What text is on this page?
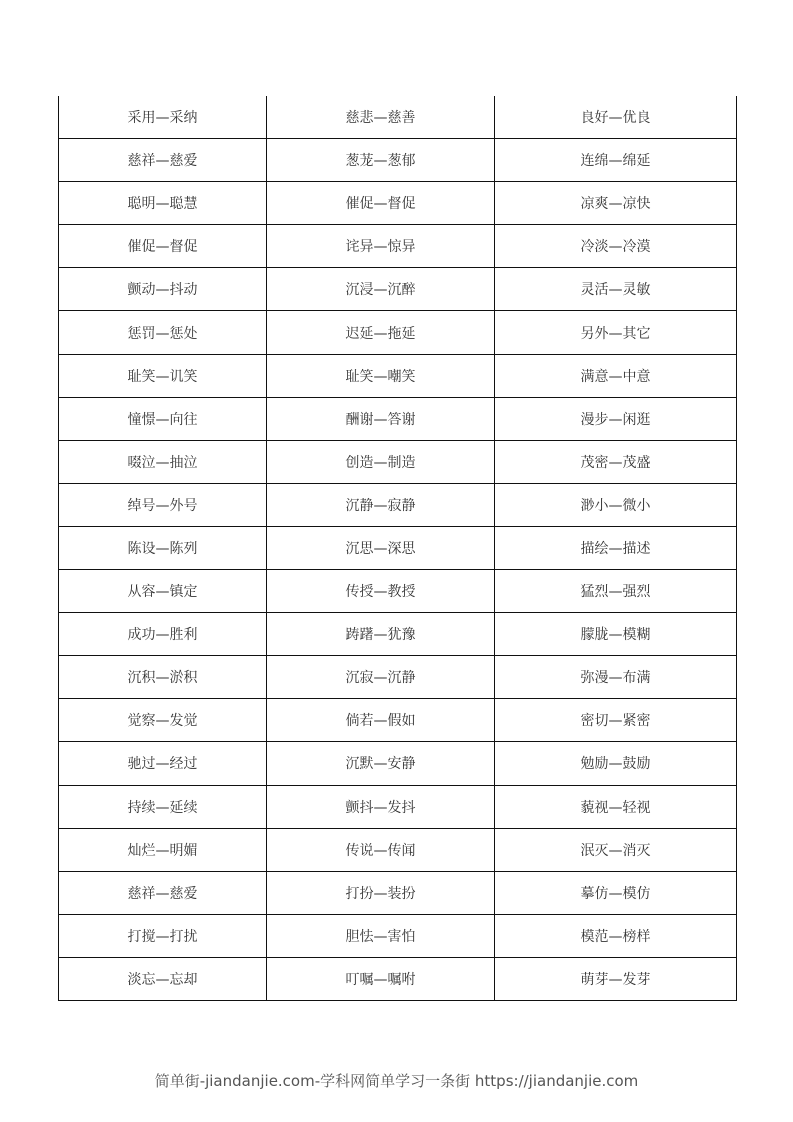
采用—采纳	慈悲—慈善	良好—优良
慈祥—慈爱	葱茏—葱郁	连绵—绵延
聪明—聪慧	催促—督促	凉爽—凉快
催促—督促	诧异—惊异	冷淡—冷漠
颤动—抖动	沉浸—沉醉	灵活—灵敏
惩罚—惩处	迟延—拖延	另外—其它
耻笑—讥笑	耻笑—嘲笑	满意—中意
憧憬—向往	酬谢—答谢	漫步—闲逛
啜泣—抽泣	创造—制造	茂密—茂盛
绰号—外号	沉静—寂静	渺小—微小
陈设—陈列	沉思—深思	描绘—描述
从容—镇定	传授—教授	猛烈—强烈
成功—胜利	踌躇—犹豫	朦胧—模糊
沉积—淤积	沉寂—沉静	弥漫—布满
觉察—发觉	倘若—假如	密切—紧密
驰过—经过	沉默—安静	勉励—鼓励
持续—延续	颤抖—发抖	藐视—轻视
灿烂—明媚	传说—传闻	泯灭—消灭
慈祥—慈爱	打扮—装扮	摹仿—模仿
打搅—打扰	胆怯—害怕	模范—榜样
淡忘—忘却	叮嘱—嘱咐	萌芽—发芽
简单街-jiandanjie.com-学科网简单学习一条街 https://jiandanjie.com
